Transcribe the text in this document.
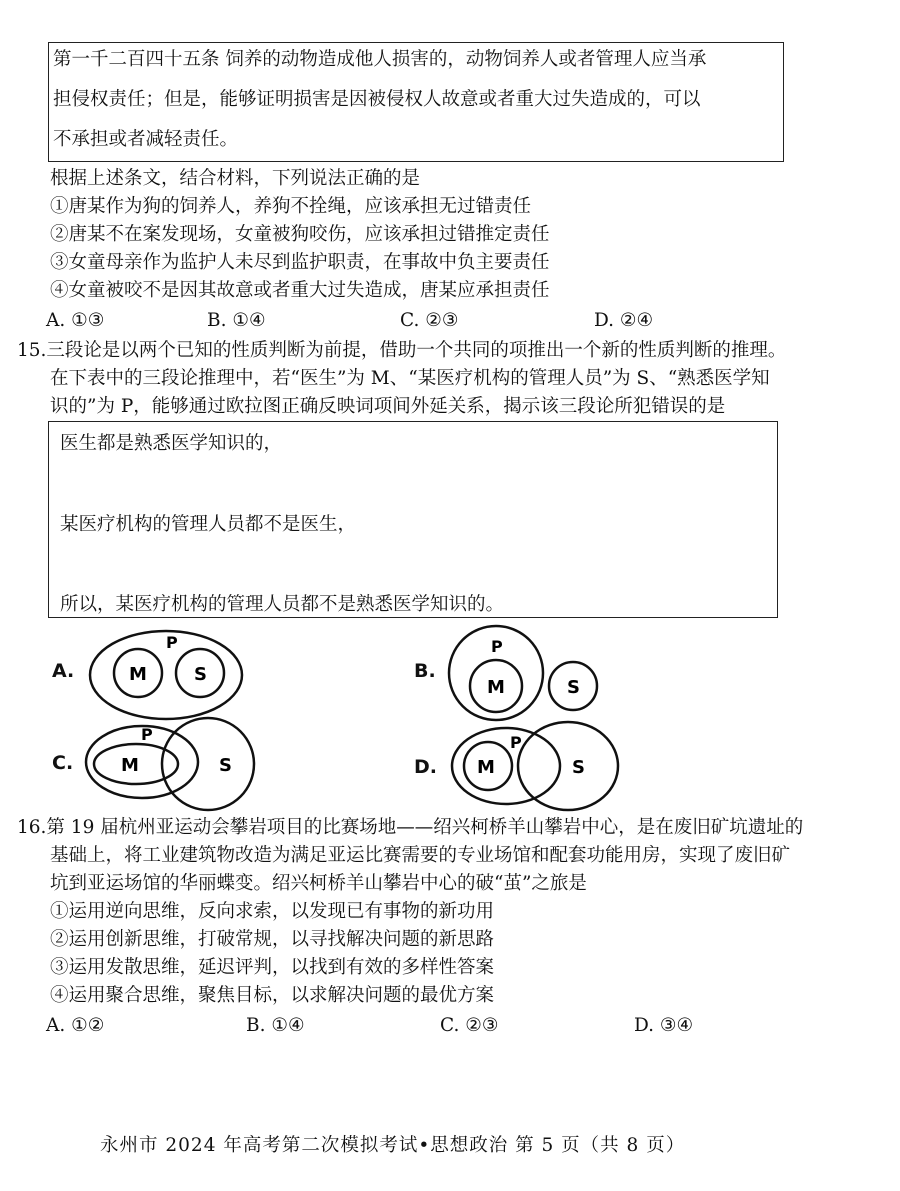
第一千二百四十五条 饲养的动物造成他人损害的，动物饲养人或者管理人应当承
担侵权责任；但是，能够证明损害是因被侵权人故意或者重大过失造成的，可以
不承担或者减轻责任。
根据上述条文，结合材料，下列说法正确的是
①唐某作为狗的饲养人，养狗不拴绳，应该承担无过错责任
②唐某不在案发现场，女童被狗咬伤，应该承担过错推定责任
③女童母亲作为监护人未尽到监护职责，在事故中负主要责任
④女童被咬不是因其故意或者重大过失造成，唐某应承担责任
A. ①③	B. ①④	C. ②③	D. ②④
15.三段论是以两个已知的性质判断为前提，借助一个共同的项推出一个新的性质判断的推理。
在下表中的三段论推理中，若“医生”为 M、“某医疗机构的管理人员”为 S、“熟悉医学知
识的”为 P，能够通过欧拉图正确反映词项间外延关系，揭示该三段论所犯错误的是
医生都是熟悉医学知识的，
某医疗机构的管理人员都不是医生，
所以，某医疗机构的管理人员都不是熟悉医学知识的。
A.	M	S
P
B.
P
M	S
C.
P
M	S	D.
P
M	S
16.第 19 届杭州亚运动会攀岩项目的比赛场地——绍兴柯桥羊山攀岩中心，是在废旧矿坑遗址的
基础上，将工业建筑物改造为满足亚运比赛需要的专业场馆和配套功能用房，实现了废旧矿
坑到亚运场馆的华丽蝶变。绍兴柯桥羊山攀岩中心的破“茧”之旅是
①运用逆向思维，反向求索，以发现已有事物的新功用
②运用创新思维，打破常规，以寻找解决问题的新思路
③运用发散思维，延迟评判，以找到有效的多样性答案
④运用聚合思维，聚焦目标，以求解决问题的最优方案
A. ①②	B. ①④	C. ②③	D. ③④
永州市 2024 年高考第二次模拟考试•思想政治 第 5 页（共 8 页）
